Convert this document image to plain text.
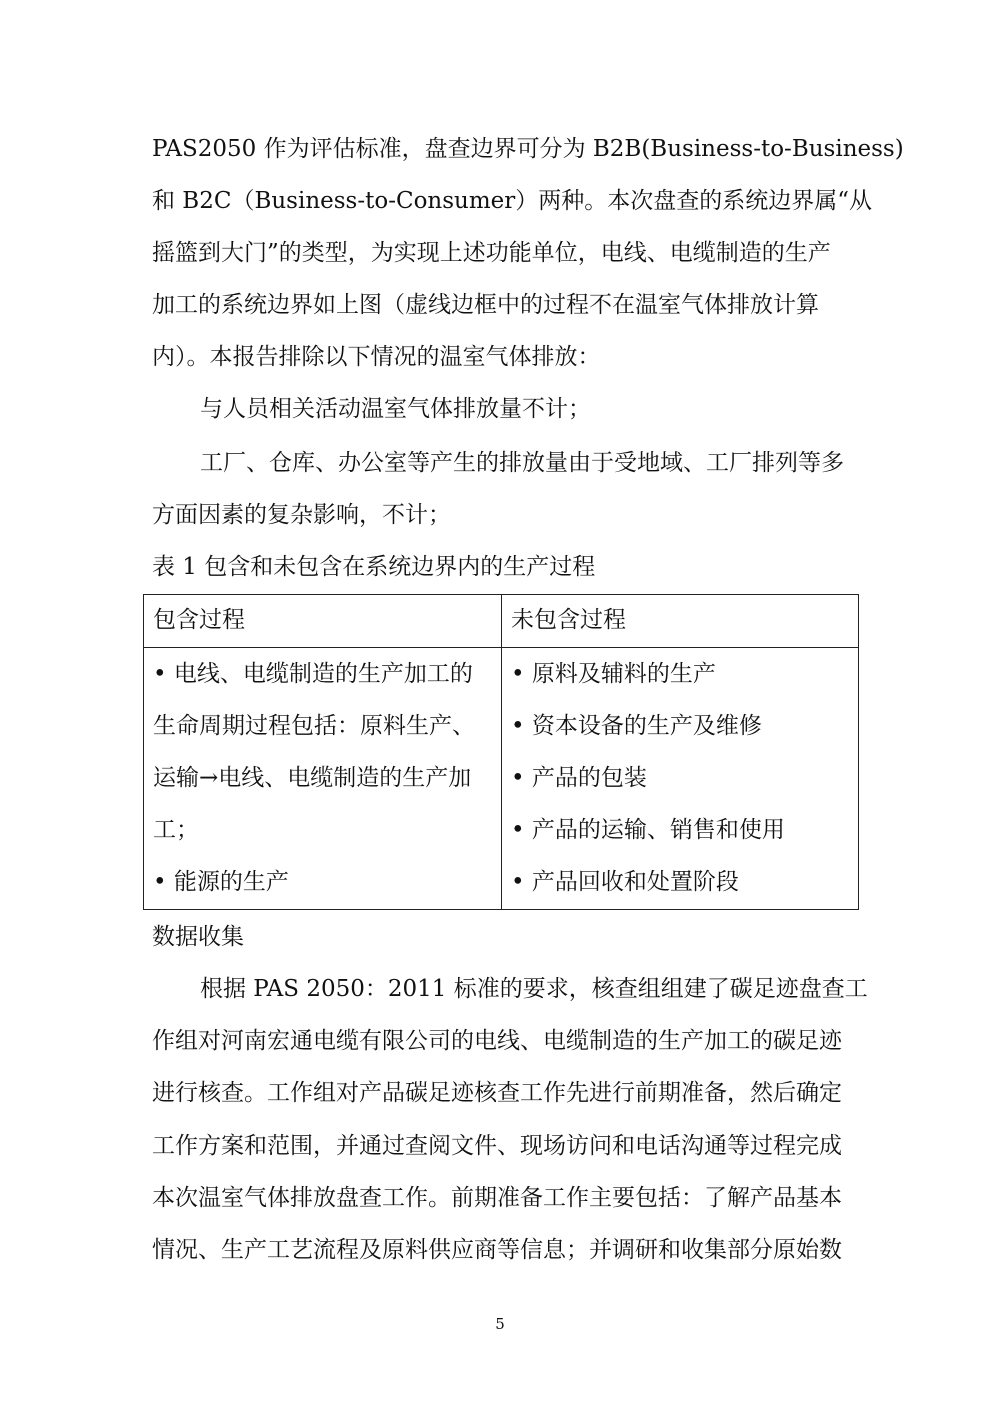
PAS2050 作为评估标准，盘查边界可分为 B2B(Business-to-Business)
和 B2C（Business-to-Consumer）两种。本次盘查的系统边界属“从
摇篮到大门”的类型，为实现上述功能单位，电线、电缆制造的生产
加工的系统边界如上图（虚线边框中的过程不在温室气体排放计算
内）。本报告排除以下情况的温室气体排放：
与人员相关活动温室气体排放量不计；
工厂、仓库、办公室等产生的排放量由于受地域、工厂排列等多
方面因素的复杂影响，不计；
表 1 包含和未包含在系统边界内的生产过程
包含过程	未包含过程
• 电线、电缆制造的生产加工的
生命周期过程包括：原料生产、
运输→电线、电缆制造的生产加
工；
• 能源的生产
• 原料及辅料的生产
• 资本设备的生产及维修
• 产品的包装
• 产品的运输、销售和使用
• 产品回收和处置阶段
数据收集
根据 PAS 2050：2011 标准的要求，核查组组建了碳足迹盘查工
作组对河南宏通电缆有限公司的电线、电缆制造的生产加工的碳足迹
进行核查。工作组对产品碳足迹核查工作先进行前期准备，然后确定
工作方案和范围，并通过查阅文件、现场访问和电话沟通等过程完成
本次温室气体排放盘查工作。前期准备工作主要包括：了解产品基本
情况、生产工艺流程及原料供应商等信息；并调研和收集部分原始数
5
